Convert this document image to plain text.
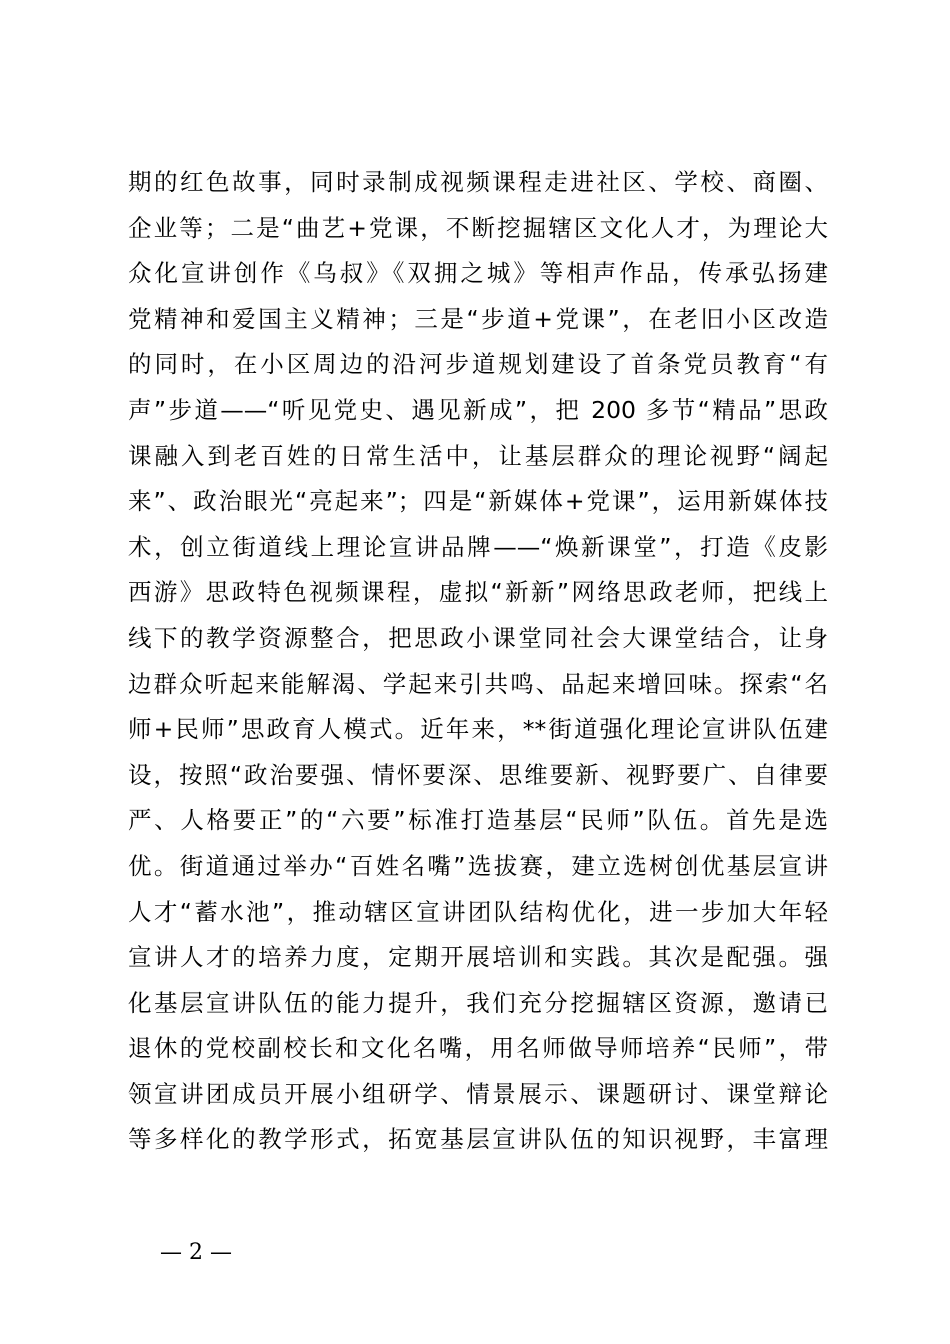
期的红色故事，同时录制成视频课程走进社区、学校、商圈、
企业等；二是“曲艺+党课，不断挖掘辖区文化人才，为理论大
众化宣讲创作《乌叔》《双拥之城》等相声作品，传承弘扬建
党精神和爱国主义精神；三是“步道+党课”，在老旧小区改造
的同时，在小区周边的沿河步道规划建设了首条党员教育“有
声”步道——“听见党史、遇见新成”，把 200 多节“精品”思政
课融入到老百姓的日常生活中，让基层群众的理论视野“阔起
来”、政治眼光“亮起来”；四是“新媒体+党课”，运用新媒体技
术，创立街道线上理论宣讲品牌——“焕新课堂”，打造《皮影
西游》思政特色视频课程，虚拟“新新”网络思政老师，把线上
线下的教学资源整合，把思政小课堂同社会大课堂结合，让身
边群众听起来能解渴、学起来引共鸣、品起来增回味。探索“名
师+民师”思政育人模式。近年来，**街道强化理论宣讲队伍建
设，按照“政治要强、情怀要深、思维要新、视野要广、自律要
严、人格要正”的“六要”标准打造基层“民师”队伍。首先是选
优。街道通过举办“百姓名嘴”选拔赛，建立选树创优基层宣讲
人才“蓄水池”，推动辖区宣讲团队结构优化，进一步加大年轻
宣讲人才的培养力度，定期开展培训和实践。其次是配强。强
化基层宣讲队伍的能力提升，我们充分挖掘辖区资源，邀请已
退休的党校副校长和文化名嘴，用名师做导师培养“民师”，带
领宣讲团成员开展小组研学、情景展示、课题研讨、课堂辩论
等多样化的教学形式，拓宽基层宣讲队伍的知识视野，丰富理
— 2 —
